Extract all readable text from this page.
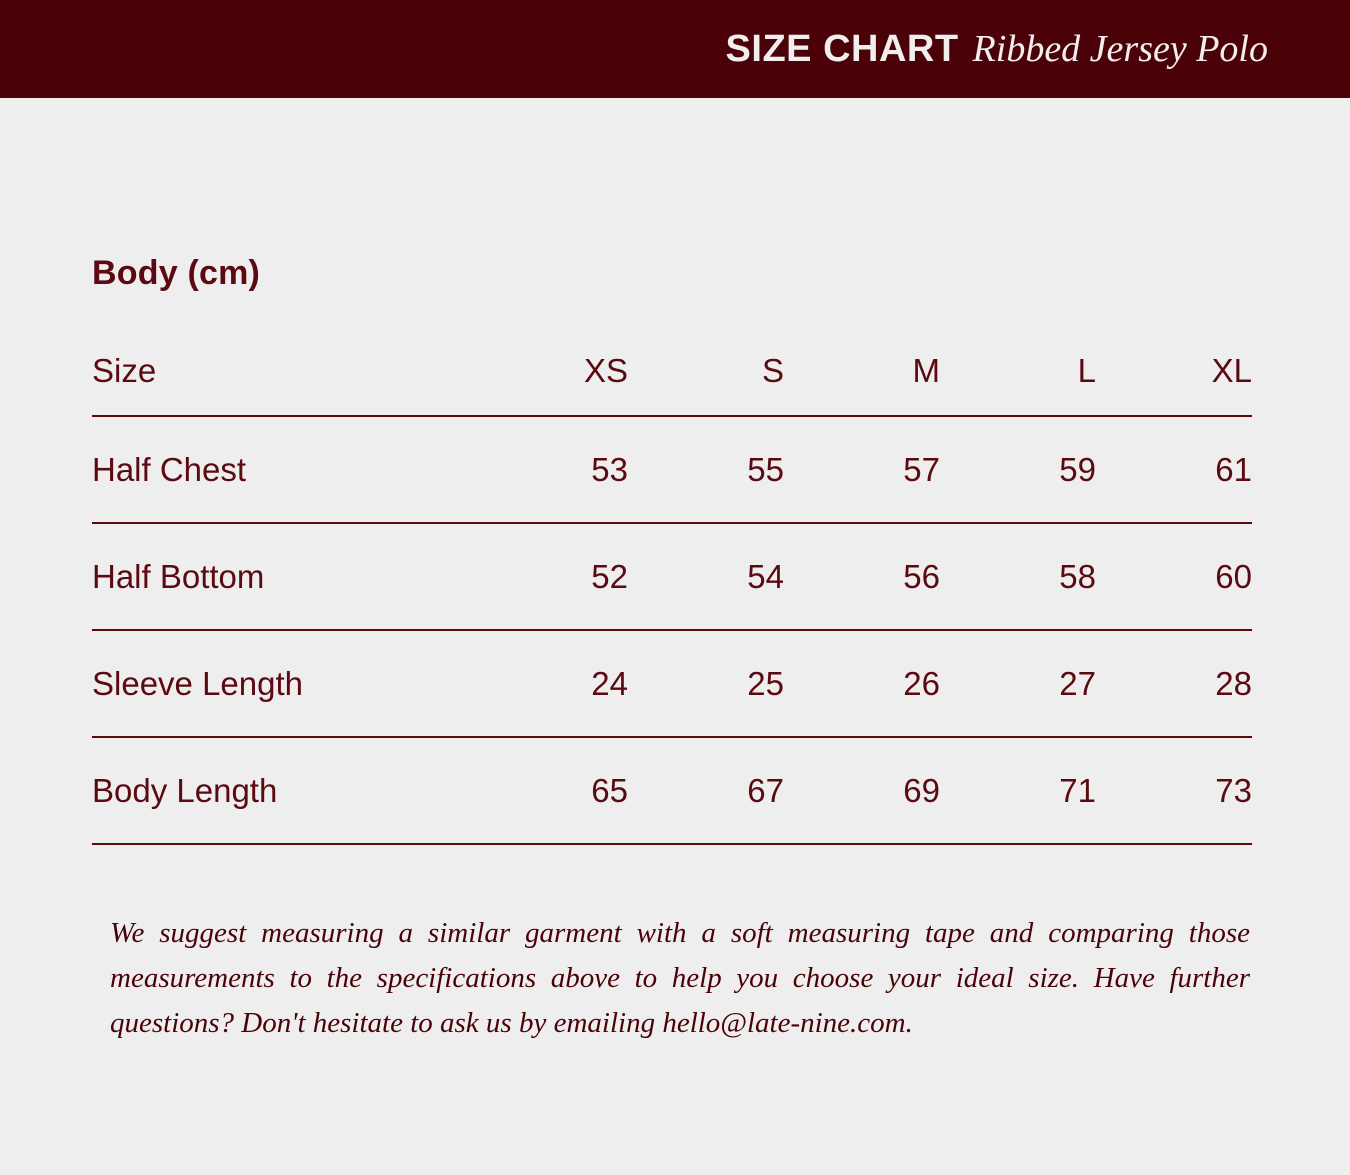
SIZE CHART Ribbed Jersey Polo
Body (cm)
Size	XS	S	M	L	XL
Half Chest	53	55	57	59	61
Half Bottom	52	54	56	58	60
Sleeve Length	24	25	26	27	28
Body Length	65	67	69	71	73
We suggest measuring a similar garment with a soft measuring tape and comparing those measurements to the specifications above to help you choose your ideal size. Have further questions? Don't hesitate to ask us by emailing hello@late-nine.com.
